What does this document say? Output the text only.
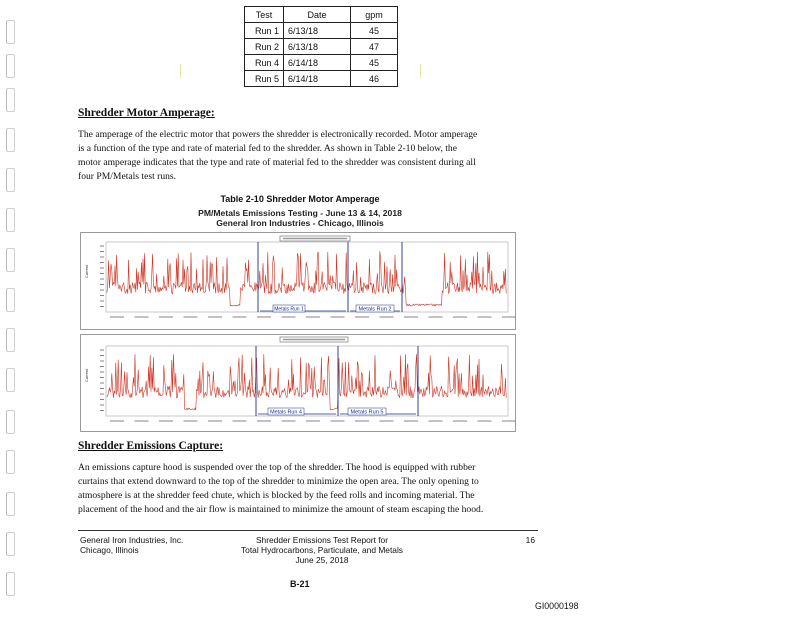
Test	Date	gpm
Run 1	6/13/18	45
Run 2	6/13/18	47
Run 4	6/14/18	45
Run 5	6/14/18	46
Shredder Motor Amperage:
The amperage of the electric motor that powers the shredder is electronically recorded. Motor amperage
is a function of the type and rate of material fed to the shredder. As shown in Table 2-10 below, the
motor amperage indicates that the type and rate of material fed to the shredder was consistent during all
four PM/Metals test runs.
Table 2-10 Shredder Motor Amperage
PM/Metals Emissions Testing - June 13 & 14, 2018
General Iron Industries - Chicago, Illinois
Current
Metals Run 1	Metals Run 2
Current
Metals Run 4	Metals Run 5
Shredder Emissions Capture:
An emissions capture hood is suspended over the top of the shredder. The hood is equipped with rubber
curtains that extend downward to the top of the shredder to minimize the open area. The only opening to
atmosphere is at the shredder feed chute, which is blocked by the feed rolls and incoming material. The
placement of the hood and the air flow is maintained to minimize the amount of steam escaping the hood.
General Iron Industries, Inc.
Chicago, Illinois
Shredder Emissions Test Report for
Total Hydrocarbons, Particulate, and Metals
June 25, 2018
16
B-21
GI0000198
